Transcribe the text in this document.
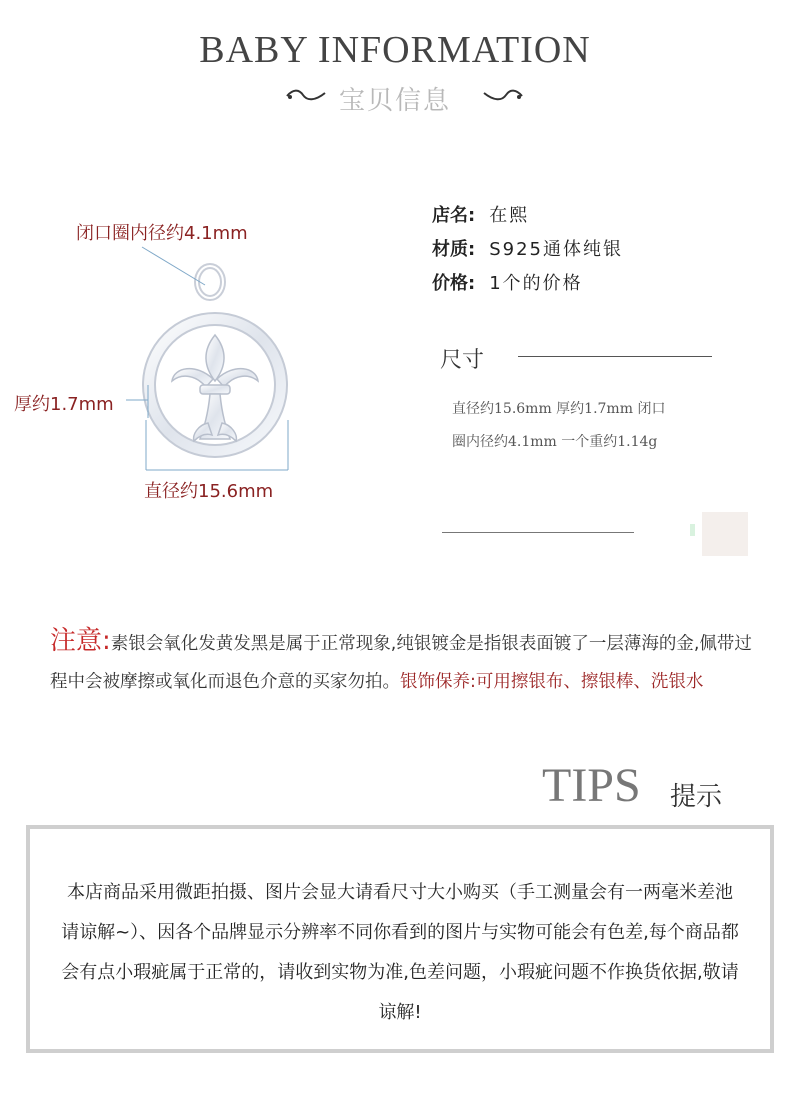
BABY INFORMATION
宝贝信息
闭口圈内径约4.1mm
厚约1.7mm
直径约15.6mm
店名: 在熙
材质: S925通体纯银
价格: 1个的价格
尺寸
直径约15.6mm 厚约1.7mm 闭口
圈内径约4.1mm 一个重约1.14g
注意:素银会氧化发黄发黑是属于正常现象,纯银镀金是指银表面镀了一层薄海的金,佩带过程中会被摩擦或氧化而退色介意的买家勿拍。银饰保养:可用擦银布、擦银棒、洗银水
TIPS 提示
本店商品采用微距拍摄、图片会显大请看尺寸大小购买（手工测量会有一两毫米差池请谅解~）、因各个品牌显示分辨率不同你看到的图片与实物可能会有色差,每个商品都会有点小瑕疵属于正常的，请收到实物为准,色差问题，小瑕疵问题不作换货依据,敬请谅解!
